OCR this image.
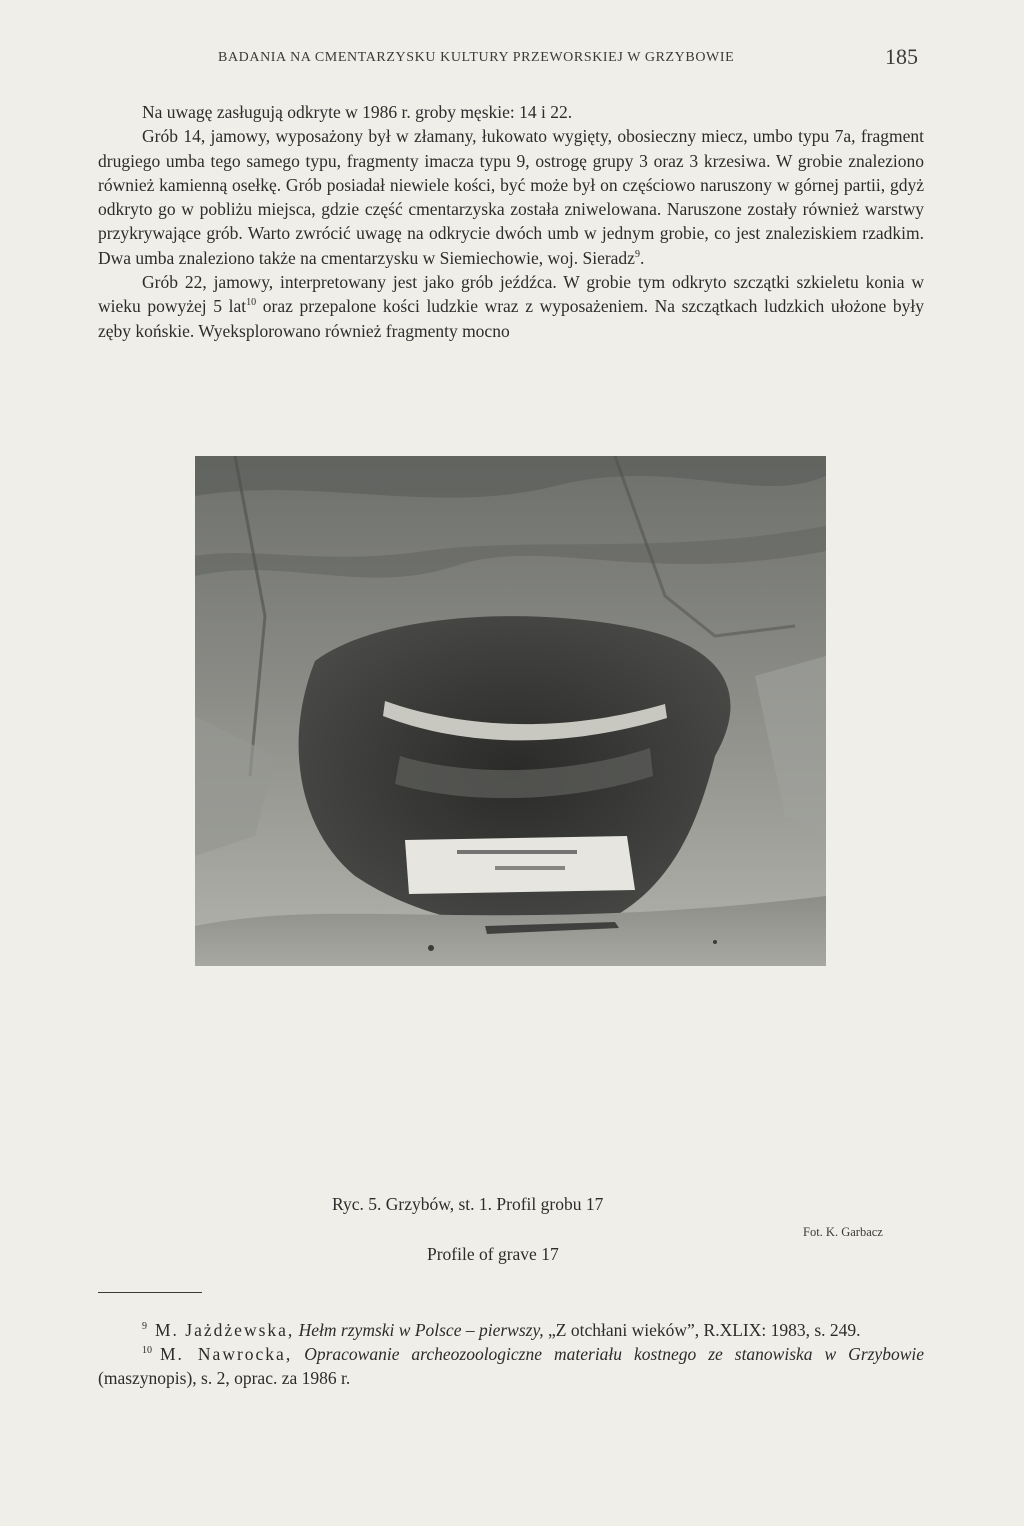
BADANIA NA CMENTARZYSKU KULTURY PRZEWORSKIEJ W GRZYBOWIE	185

Na uwagę zasługują odkryte w 1986 r. groby męskie: 14 i 22.

Grób 14, jamowy, wyposażony był w złamany, łukowato wygięty, obosieczny miecz, umbo typu 7a, fragment drugiego umba tego samego typu, fragmenty imacza typu 9, ostrogę grupy 3 oraz 3 krzesiwa. W grobie znaleziono również kamienną osełkę. Grób posiadał niewiele kości, być może był on częściowo naruszony w górnej partii, gdyż odkryto go w pobliżu miejsca, gdzie część cmentarzyska została zniwelowana. Naruszone zostały również warstwy przykrywające grób. Warto zwrócić uwagę na odkrycie dwóch umb w jednym grobie, co jest znaleziskiem rzadkim. Dwa umba znaleziono także na cmentarzysku w Siemiechowie, woj. Sieradz$^9$.

Grób 22, jamowy, interpretowany jest jako grób jeźdźca. W grobie tym odkryto szczątki szkieletu konia w wieku powyżej 5 lat$^{10}$ oraz przepalone kości ludzkie wraz z wyposażeniem. Na szczątkach ludzkich ułożone były zęby końskie. Wyeksplorowano również fragmenty mocno

Ryc. 5. Grzybów, st. 1. Profil grobu 17
Fot. K. Garbacz
Profile of grave 17

$^9$ M. Jażdżewska, Hełm rzymski w Polsce – pierwszy, „Z otchłani wieków”, R.XLIX: 1983, s. 249.

$^{10}$ M. Nawrocka, Opracowanie archeozoologiczne materiału kostnego ze stanowiska w Grzybowie (maszynopis), s. 2, oprac. za 1986 r.
